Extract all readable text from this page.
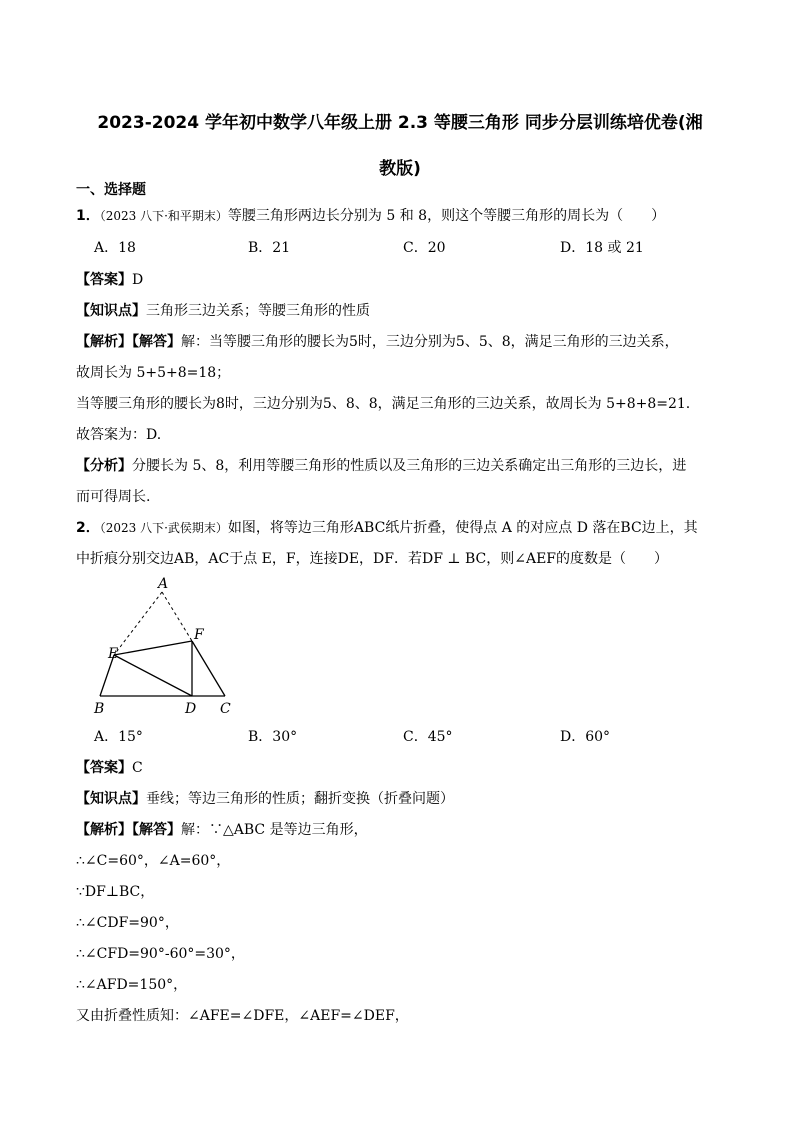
2023-2024 学年初中数学八年级上册 2.3 等腰三角形 同步分层训练培优卷(湘
教版)
一、选择题
1．（2023 八下·和平期末）等腰三角形两边长分别为 5 和 8，则这个等腰三角形的周长为（　　）
A．18	B．21	C．20	D．18 或 21
【答案】D
【知识点】三角形三边关系；等腰三角形的性质
【解析】【解答】解：当等腰三角形的腰长为5时，三边分别为5、5、8，满足三角形的三边关系，
故周长为 5+5+8=18；
当等腰三角形的腰长为8时，三边分别为5、8、8，满足三角形的三边关系，故周长为 5+8+8=21.
故答案为：D.
【分析】分腰长为 5、8，利用等腰三角形的性质以及三角形的三边关系确定出三角形的三边长，进
而可得周长.
2．（2023 八下·武侯期末）如图，将等边三角形ABC纸片折叠，使得点 A 的对应点 D 落在BC边上，其
中折痕分别交边AB，AC于点 E，F，连接DE，DF．若DF ⊥ BC，则∠AEF的度数是（　　）
A
B	C
D
E
F
A．15°	B．30°	C．45°	D．60°
【答案】C
【知识点】垂线；等边三角形的性质；翻折变换（折叠问题）
【解析】【解答】解：∵△ABC 是等边三角形，
∴∠C=60°，∠A=60°，
∵DF⊥BC，
∴∠CDF=90°，
∴∠CFD=90°-60°=30°，
∴∠AFD=150°，
又由折叠性质知：∠AFE=∠DFE，∠AEF=∠DEF，
